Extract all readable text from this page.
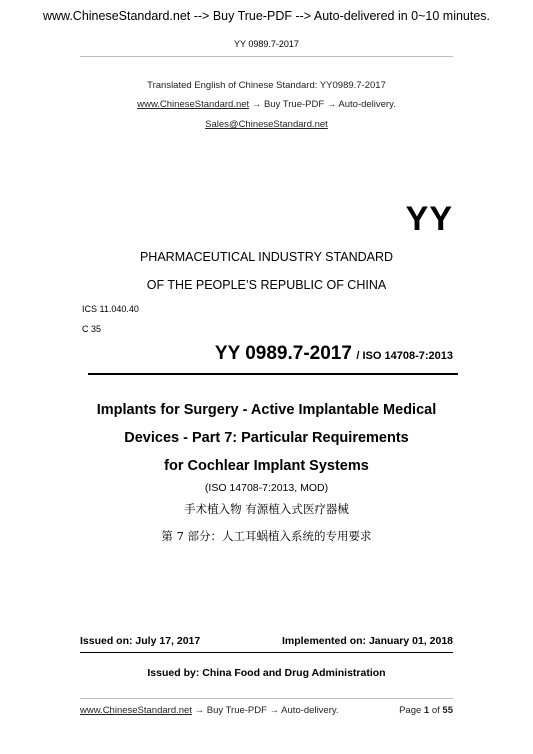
www.ChineseStandard.net --> Buy True-PDF --> Auto-delivered in 0~10 minutes.
YY 0989.7-2017
Translated English of Chinese Standard: YY0989.7-2017
www.ChineseStandard.net → Buy True-PDF → Auto-delivery.
Sales@ChineseStandard.net
YY
PHARMACEUTICAL INDUSTRY STANDARD
OF THE PEOPLE’S REPUBLIC OF CHINA
ICS 11.040.40
C 35
YY 0989.7-2017 / ISO 14708-7:2013
Implants for Surgery - Active Implantable Medical
Devices - Part 7: Particular Requirements
for Cochlear Implant Systems
(ISO 14708-7:2013, MOD)
手术植入物 有源植入式医疗器械
第 7 部分：人工耳蜗植入系统的专用要求
Issued on: July 17, 2017	Implemented on: January 01, 2018
Issued by: China Food and Drug Administration
www.ChineseStandard.net → Buy True-PDF → Auto-delivery.	Page 1 of 55
